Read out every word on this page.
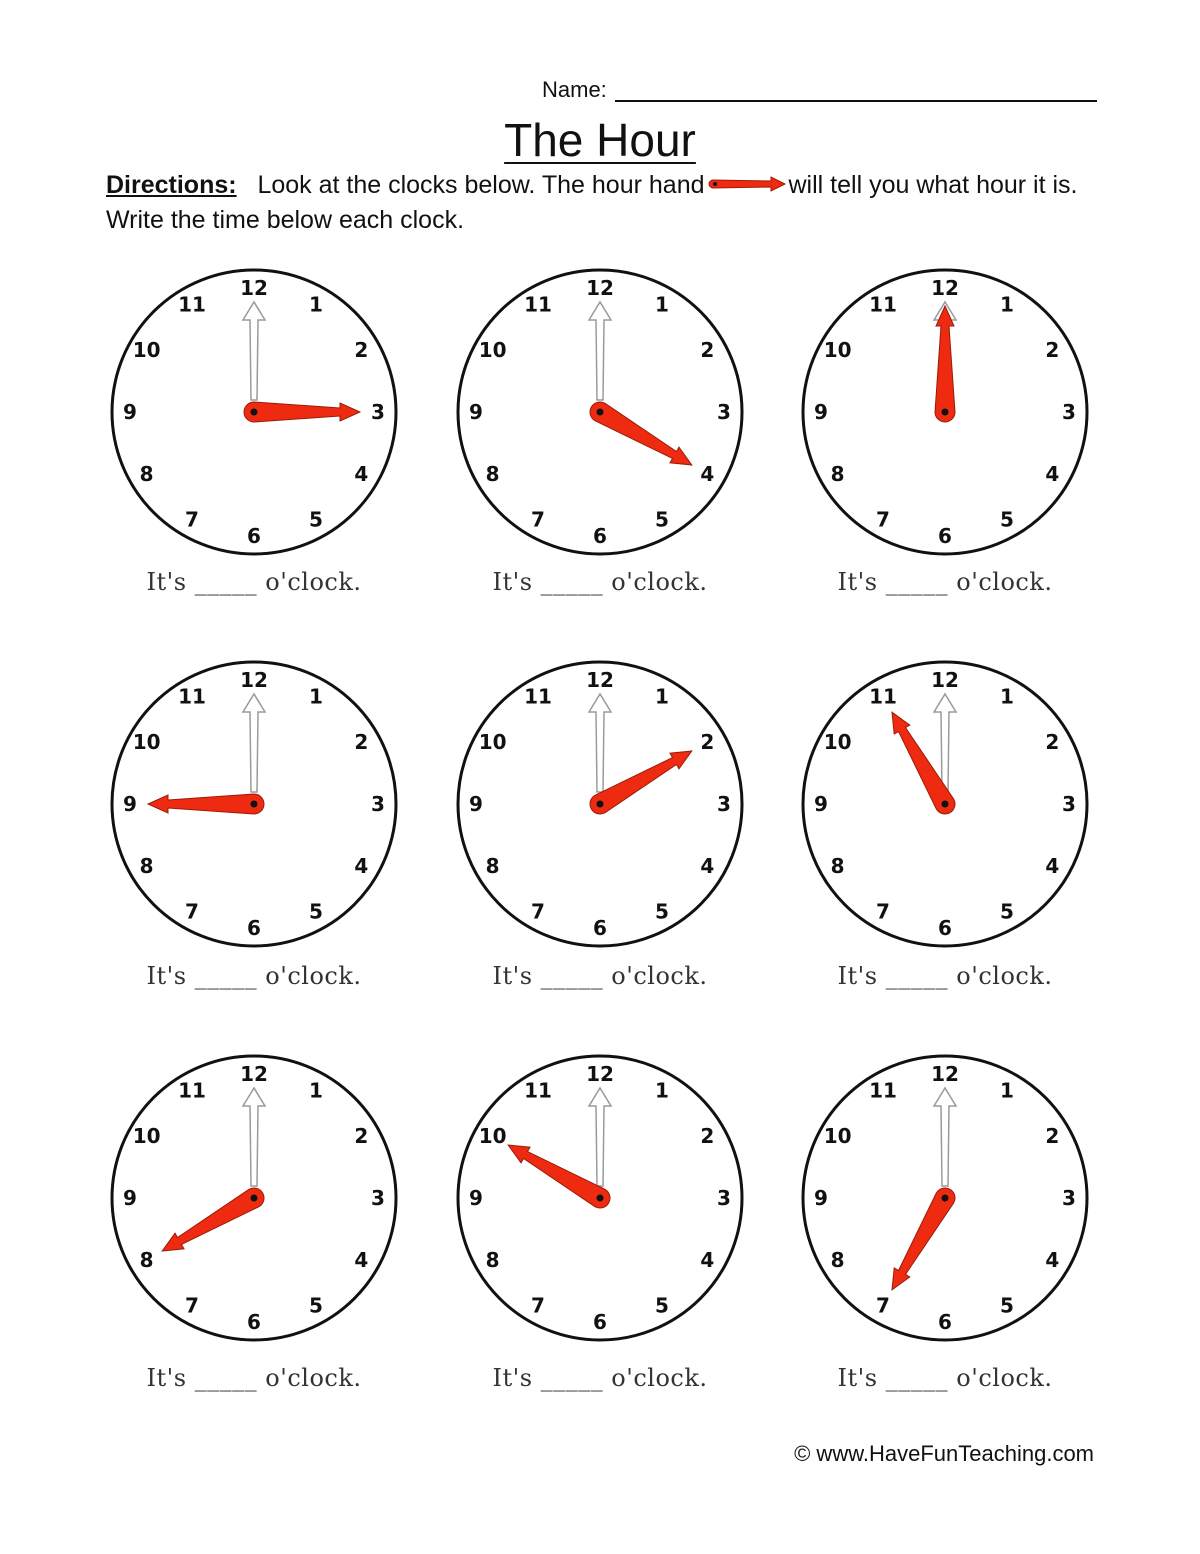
Name:
The Hour
Directions: Look at the clocks below. The hour hand	will tell you what hour it is. Write the time below each clock.
12
1
2
3
4
5
6
7
8
9
10
11
It's _____ o'clock.
12
1
2
3
4
5
6
7
8
9
10
11
It's _____ o'clock.
12
1
2
3
4
5
6
7
8
9
10
11
It's _____ o'clock.
12
1
2
3
4
5
6
7
8
9
10
11
It's _____ o'clock.
12
1
2
3
4
5
6
7
8
9
10
11
It's _____ o'clock.
12
1
2
3
4
5
6
7
8
9
10
11
It's _____ o'clock.
12
1
2
3
4
5
6
7
8
9
10
11
It's _____ o'clock.
12
1
2
3
4
5
6
7
8
9
10
11
It's _____ o'clock.
12
1
2
3
4
5
6
7
8
9
10
11
It's _____ o'clock.
© www.HaveFunTeaching.com
